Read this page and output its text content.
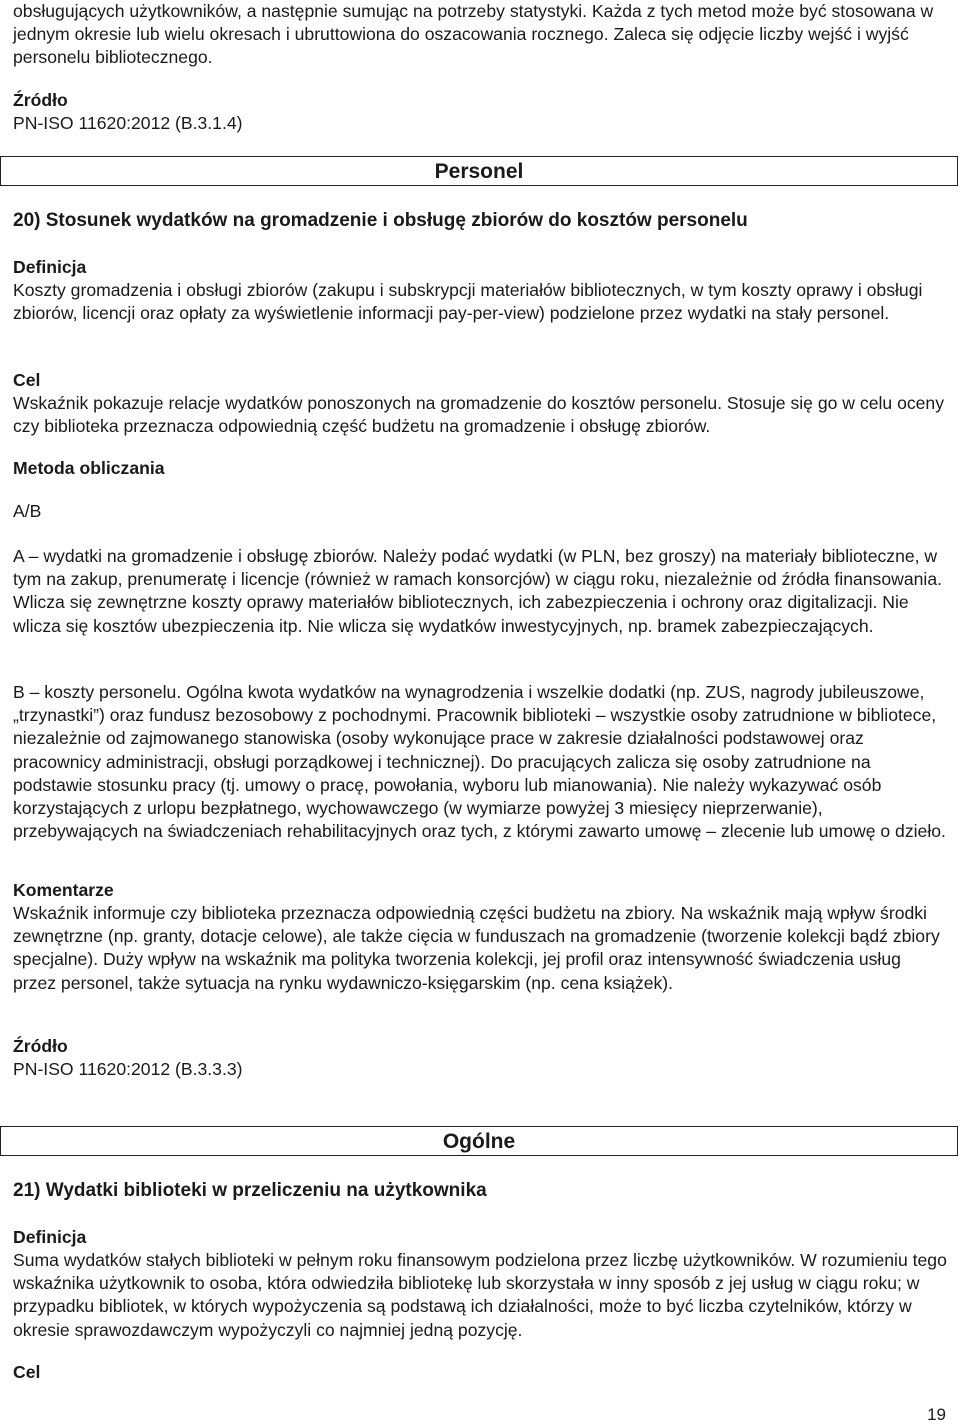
obsługujących użytkowników, a następnie sumując na potrzeby statystyki. Każda z tych metod może być stosowana w jednym okresie lub wielu okresach i ubruttowiona do oszacowania rocznego. Zaleca się odjęcie liczby wejść i wyjść personelu bibliotecznego.

Źródło

PN-ISO 11620:2012 (B.3.1.4)

Personel

20) Stosunek wydatków na gromadzenie i obsługę zbiorów do kosztów personelu

Definicja

Koszty gromadzenia i obsługi zbiorów (zakupu i subskrypcji materiałów bibliotecznych, w tym koszty oprawy i obsługi zbiorów, licencji oraz opłaty za wyświetlenie informacji pay-per-view) podzielone przez wydatki na stały personel.

Cel

Wskaźnik pokazuje relacje wydatków ponoszonych na gromadzenie do kosztów personelu. Stosuje się go w celu oceny czy biblioteka przeznacza odpowiednią część budżetu na gromadzenie i obsługę zbiorów.

Metoda obliczania

A/B

A – wydatki na gromadzenie i obsługę zbiorów. Należy podać wydatki (w PLN, bez groszy) na materiały biblioteczne, w tym na zakup, prenumeratę i licencje (również w ramach konsorcjów) w ciągu roku, niezależnie od źródła finansowania. Wlicza się zewnętrzne koszty oprawy materiałów bibliotecznych, ich zabezpieczenia i ochrony oraz digitalizacji. Nie wlicza się kosztów ubezpieczenia itp. Nie wlicza się wydatków inwestycyjnych, np. bramek zabezpieczających.

B – koszty personelu. Ogólna kwota wydatków na wynagrodzenia i wszelkie dodatki (np. ZUS, nagrody jubileuszowe, „trzynastki”) oraz fundusz bezosobowy z pochodnymi. Pracownik biblioteki – wszystkie osoby zatrudnione w bibliotece, niezależnie od zajmowanego stanowiska (osoby wykonujące prace w zakresie działalności podstawowej oraz pracownicy administracji, obsługi porządkowej i technicznej). Do pracujących zalicza się osoby zatrudnione na podstawie stosunku pracy (tj. umowy o pracę, powołania, wyboru lub mianowania). Nie należy wykazywać osób korzystających z urlopu bezpłatnego, wychowawczego (w wymiarze powyżej 3 miesięcy nieprzerwanie), przebywających na świadczeniach rehabilitacyjnych oraz tych, z którymi zawarto umowę – zlecenie lub umowę o dzieło.

Komentarze

Wskaźnik informuje czy biblioteka przeznacza odpowiednią części budżetu na zbiory. Na wskaźnik mają wpływ środki zewnętrzne (np. granty, dotacje celowe), ale także cięcia w funduszach na gromadzenie (tworzenie kolekcji bądź zbiory specjalne). Duży wpływ na wskaźnik ma polityka tworzenia kolekcji, jej profil oraz intensywność świadczenia usług przez personel, także sytuacja na rynku wydawniczo-księgarskim (np. cena książek).

Źródło

PN-ISO 11620:2012 (B.3.3.3)

Ogólne

21) Wydatki biblioteki w przeliczeniu na użytkownika

Definicja

Suma wydatków stałych biblioteki w pełnym roku finansowym podzielona przez liczbę użytkowników. W rozumieniu tego wskaźnika użytkownik to osoba, która odwiedziła bibliotekę lub skorzystała w inny sposób z jej usług w ciągu roku; w przypadku bibliotek, w których wypożyczenia są podstawą ich działalności, może to być liczba czytelników, którzy w okresie sprawozdawczym wypożyczyli co najmniej jedną pozycję.

Cel

19
